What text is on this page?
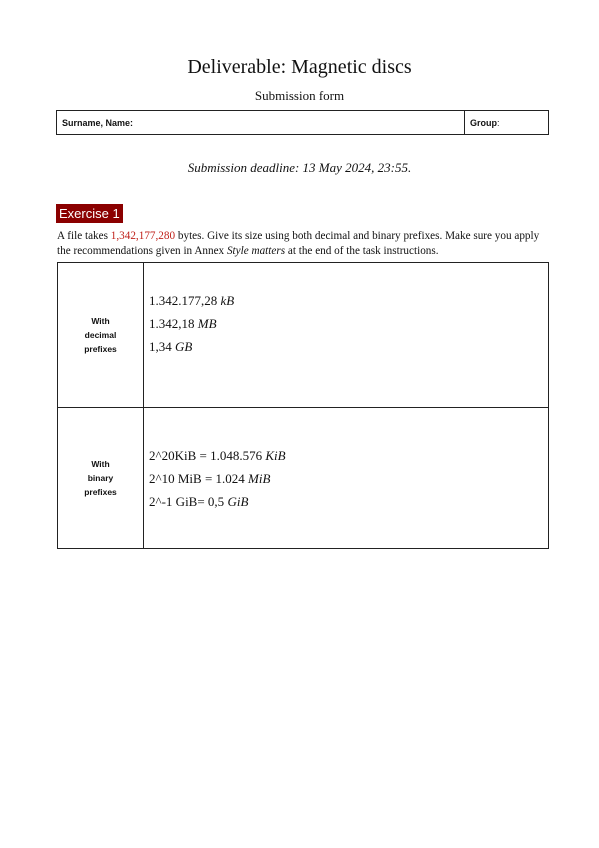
Deliverable: Magnetic discs
Submission form
Surname, Name:	Group:
Submission deadline: 13 May 2024, 23:55.
Exercise 1
A file takes 1,342,177,280 bytes. Give its size using both decimal and binary prefixes. Make sure you apply the recommendations given in Annex Style matters at the end of the task instructions.
With
decimal
prefixes
1.342.177,28 kB
1.342,18 MB
1,34 GB
With
binary
prefixes
2^20KiB = 1.048.576 KiB
2^10 MiB = 1.024 MiB
2^-1 GiB= 0,5 GiB
